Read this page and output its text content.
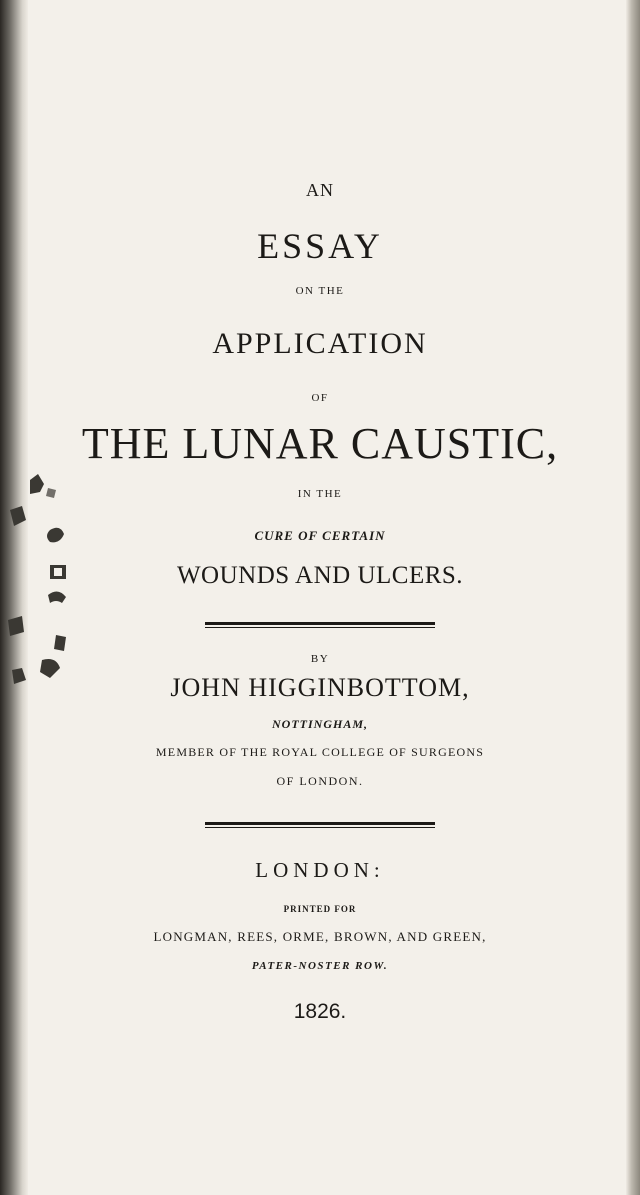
AN
ESSAY
ON THE
APPLICATION
OF
THE LUNAR CAUSTIC,
IN THE
CURE OF CERTAIN
WOUNDS AND ULCERS.
BY
JOHN HIGGINBOTTOM,
NOTTINGHAM,
MEMBER OF THE ROYAL COLLEGE OF SURGEONS
OF LONDON.
LONDON:
PRINTED FOR
LONGMAN, REES, ORME, BROWN, AND GREEN,
PATER-NOSTER ROW.
1826.
